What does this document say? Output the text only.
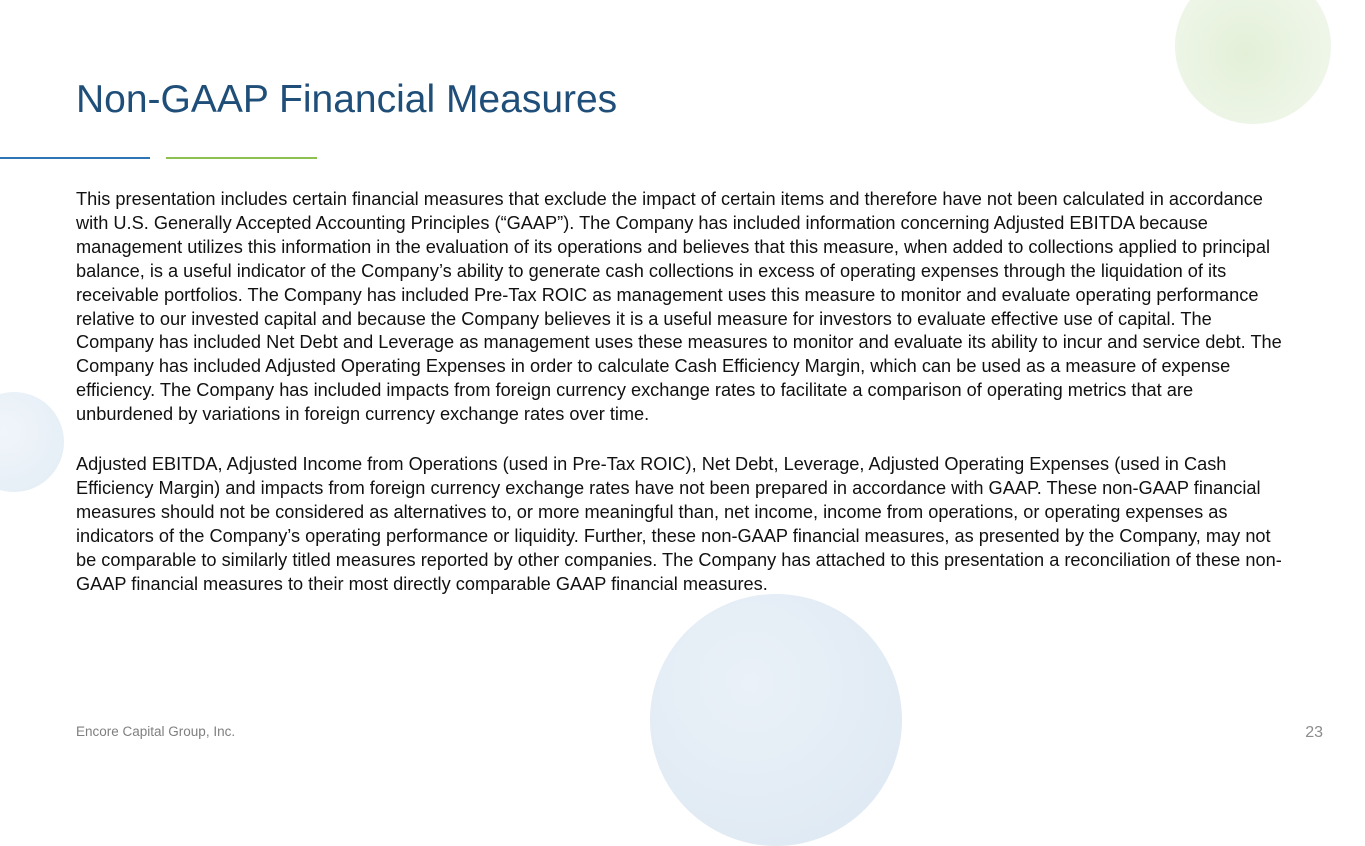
Non-GAAP Financial Measures

This presentation includes certain financial measures that exclude the impact of certain items and therefore have not been calculated in accordance with U.S. Generally Accepted Accounting Principles (“GAAP”). The Company has included information concerning Adjusted EBITDA because management utilizes this information in the evaluation of its operations and believes that this measure, when added to collections applied to principal balance, is a useful indicator of the Company’s ability to generate cash collections in excess of operating expenses through the liquidation of its receivable portfolios. The Company has included Pre-Tax ROIC as management uses this measure to monitor and evaluate operating performance relative to our invested capital and because the Company believes it is a useful measure for investors to evaluate effective use of capital. The Company has included Net Debt and Leverage as management uses these measures to monitor and evaluate its ability to incur and service debt. The Company has included Adjusted Operating Expenses in order to calculate Cash Efficiency Margin, which can be used as a measure of expense efficiency. The Company has included impacts from foreign currency exchange rates to facilitate a comparison of operating metrics that are unburdened by variations in foreign currency exchange rates over time.

Adjusted EBITDA, Adjusted Income from Operations (used in Pre-Tax ROIC), Net Debt, Leverage, Adjusted Operating Expenses (used in Cash Efficiency Margin) and impacts from foreign currency exchange rates have not been prepared in accordance with GAAP. These non-GAAP financial measures should not be considered as alternatives to, or more meaningful than, net income, income from operations, or operating expenses as indicators of the Company’s operating performance or liquidity. Further, these non-GAAP financial measures, as presented by the Company, may not be comparable to similarly titled measures reported by other companies. The Company has attached to this presentation a reconciliation of these non-GAAP financial measures to their most directly comparable GAAP financial measures.

Encore Capital Group, Inc.	23
